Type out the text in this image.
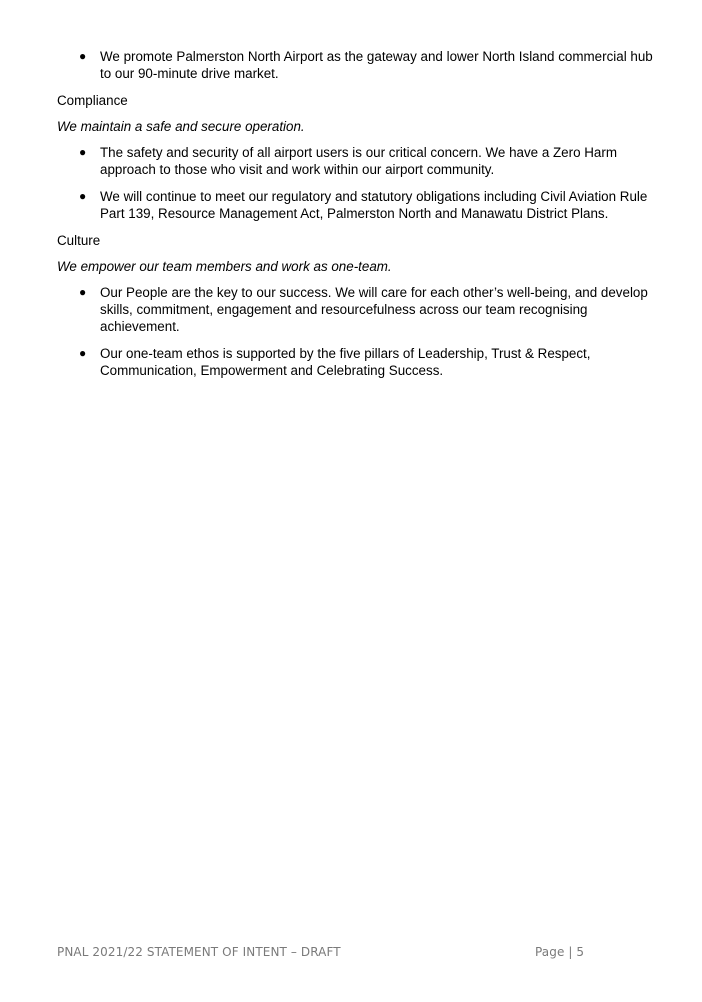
● We promote Palmerston North Airport as the gateway and lower North Island commercial hub to our 90-minute drive market.
Compliance
We maintain a safe and secure operation.
● The safety and security of all airport users is our critical concern. We have a Zero Harm approach to those who visit and work within our airport community.
● We will continue to meet our regulatory and statutory obligations including Civil Aviation Rule Part 139, Resource Management Act, Palmerston North and Manawatu District Plans.
Culture
We empower our team members and work as one-team.
● Our People are the key to our success. We will care for each other’s well-being, and develop skills, commitment, engagement and resourcefulness across our team recognising achievement.
● Our one-team ethos is supported by the five pillars of Leadership, Trust & Respect, Communication, Empowerment and Celebrating Success.
PNAL 2021/22 STATEMENT OF INTENT – DRAFT	Page | 5
